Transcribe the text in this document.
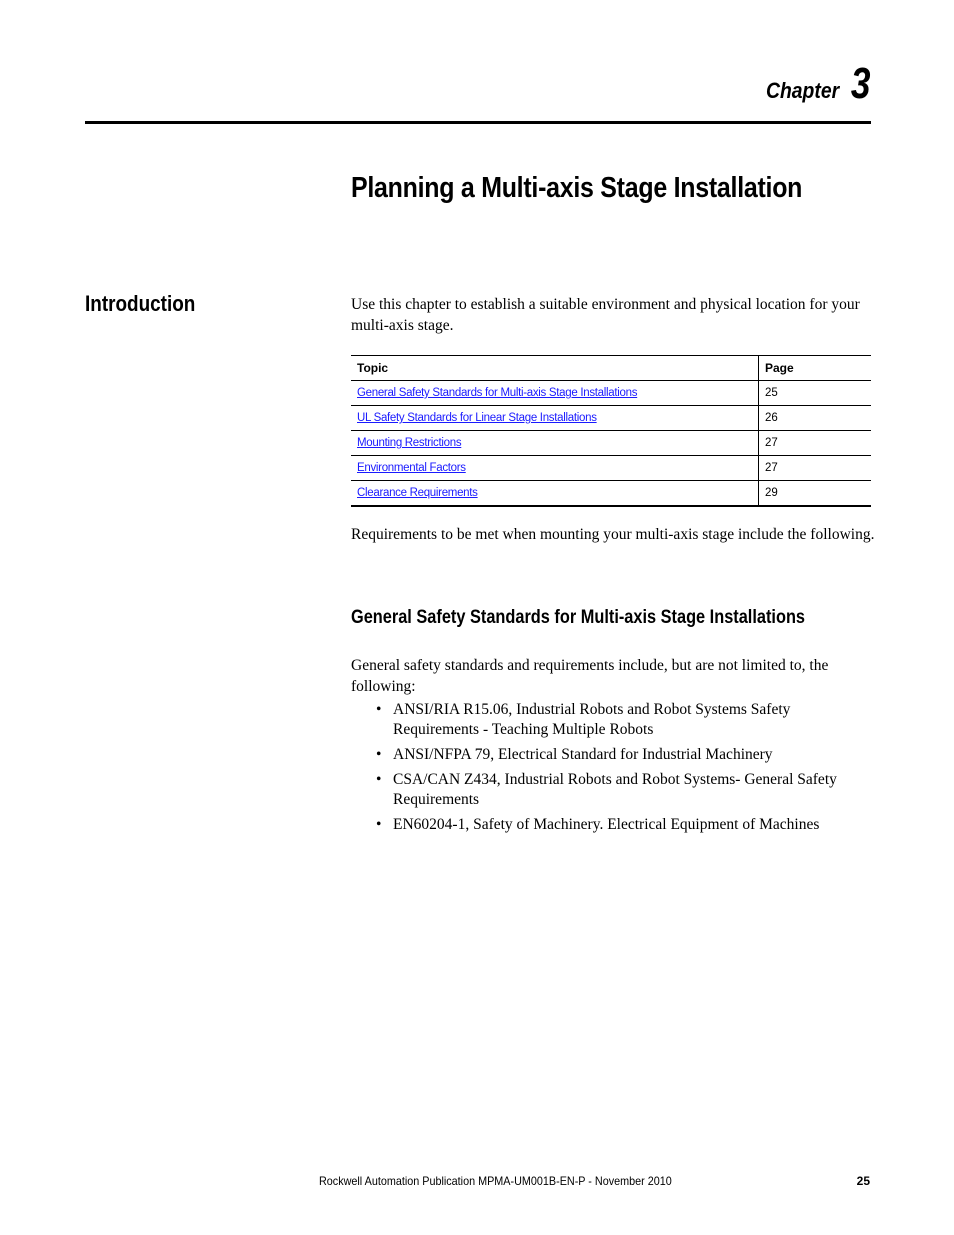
Chapter 3
Planning a Multi-axis Stage Installation
Introduction	Use this chapter to establish a suitable environment and physical location for your multi-axis stage.

Topic	Page
General Safety Standards for Multi-axis Stage Installations	25
UL Safety Standards for Linear Stage Installations	26
Mounting Restrictions	27
Environmental Factors	27
Clearance Requirements	29

Requirements to be met when mounting your multi-axis stage include the following.

General Safety Standards for Multi-axis Stage Installations

General safety standards and requirements include, but are not limited to, the following:

• ANSI/RIA R15.06, Industrial Robots and Robot Systems Safety Requirements - Teaching Multiple Robots
• ANSI/NFPA 79, Electrical Standard for Industrial Machinery
• CSA/CAN Z434, Industrial Robots and Robot Systems- General Safety Requirements
• EN60204-1, Safety of Machinery. Electrical Equipment of Machines
Rockwell Automation Publication MPMA-UM001B-EN-P - November 2010	25
